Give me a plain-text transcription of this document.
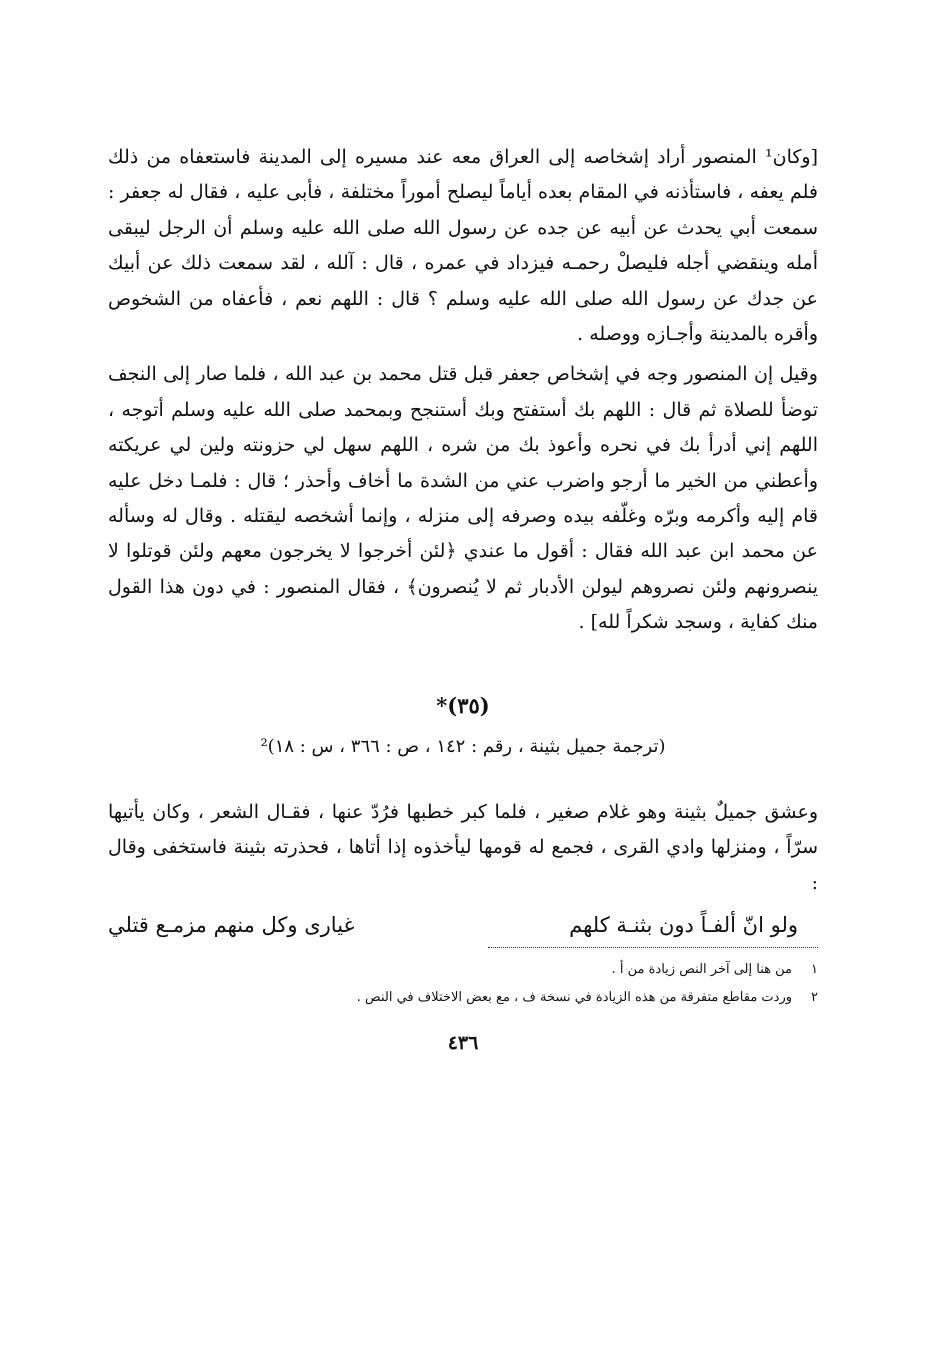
[وكان¹ المنصور أراد إشخاصه إلى العراق معه عند مسيره إلى المدينة فاستعفاه من ذلك فلم يعفه ، فاستأذنه في المقام بعده أياماً ليصلح أموراً مختلفة ، فأبى عليه ، فقال له جعفر : سمعت أبي يحدث عن أبيه عن جده عن رسول الله صلى الله عليه وسلم أن الرجل ليبقى أمله وينقضي أجله فليصلْ رحمـه فيزداد في عمره ، قال : آلله ، لقد سمعت ذلك عن أبيك عن جدك عن رسول الله صلى الله عليه وسلم ؟ قال : اللهم نعم ، فأعفاه من الشخوص وأقره بالمدينة وأجـازه ووصله .

وقيل إن المنصور وجه في إشخاص جعفر قبل قتل محمد بن عبد الله ، فلما صار إلى النجف توضأ للصلاة ثم قال : اللهم بك أستفتح وبك أستنجح وبمحمد صلى الله عليه وسلم أتوجه ، اللهم إني أدرأ بك في نحره وأعوذ بك من شره ، اللهم سهل لي حزونته ولين لي عريكته وأعطني من الخير ما أرجو واضرب عني من الشدة ما أخاف وأحذر ؛ قال : فلمـا دخل عليه قام إليه وأكرمه وبرّه وغلّفه بيده وصرفه إلى منزله ، وإنما أشخصه ليقتله . وقال له وسأله عن محمد ابن عبد الله فقال : أقول ما عندي ﴿لئن أخرجوا لا يخرجون معهم ولئن قوتلوا لا ينصرونهم ولئن نصروهم ليولن الأدبار ثم لا يُنصرون﴾ ، فقال المنصور : في دون هذا القول منك كفاية ، وسجد شكراً لله] .

(٣٥)*
(ترجمة جميل بثينة ، رقم : ١٤٢ ، ص : ٣٦٦ ، س : ١٨)²

وعشق جميلٌ بثينة وهو غلام صغير ، فلما كبر خطبها فرُدّ عنها ، فقـال الشعر ، وكان يأتيها سرّاً ، ومنزلها وادي القرى ، فجمع له قومها ليأخذوه إذا أتاها ، فحذرته بثينة فاستخفى وقال :

ولو انّ ألفـاً دون بثنـة كلهم
غيارى وكل منهم مزمـع قتلي
١
من هنا إلى آخر النص زيادة من أ .
٢
وردت مقاطع متفرقة من هذه الزيادة في نسخة ف ، مع بعض الاختلاف في النص .
٤٣٦
